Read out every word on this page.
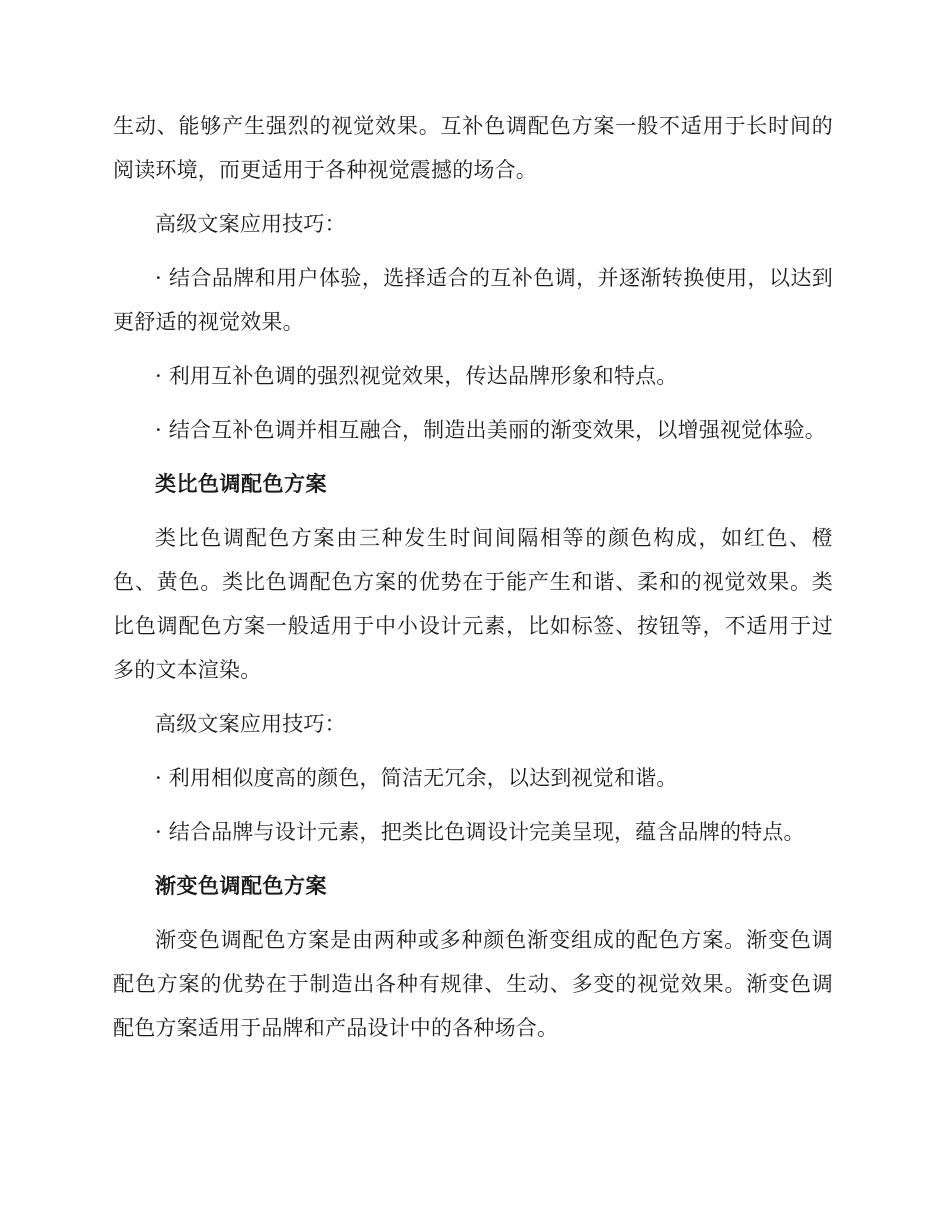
生动、能够产生强烈的视觉效果。互补色调配色方案一般不适用于长时间的阅读环境，而更适用于各种视觉震撼的场合。

高级文案应用技巧：

· 结合品牌和用户体验，选择适合的互补色调，并逐渐转换使用，以达到更舒适的视觉效果。

· 利用互补色调的强烈视觉效果，传达品牌形象和特点。

· 结合互补色调并相互融合，制造出美丽的渐变效果，以增强视觉体验。

类比色调配色方案

类比色调配色方案由三种发生时间间隔相等的颜色构成，如红色、橙色、黄色。类比色调配色方案的优势在于能产生和谐、柔和的视觉效果。类比色调配色方案一般适用于中小设计元素，比如标签、按钮等，不适用于过多的文本渲染。

高级文案应用技巧：

· 利用相似度高的颜色，简洁无冗余，以达到视觉和谐。

· 结合品牌与设计元素，把类比色调设计完美呈现，蕴含品牌的特点。

渐变色调配色方案

渐变色调配色方案是由两种或多种颜色渐变组成的配色方案。渐变色调配色方案的优势在于制造出各种有规律、生动、多变的视觉效果。渐变色调配色方案适用于品牌和产品设计中的各种场合。
